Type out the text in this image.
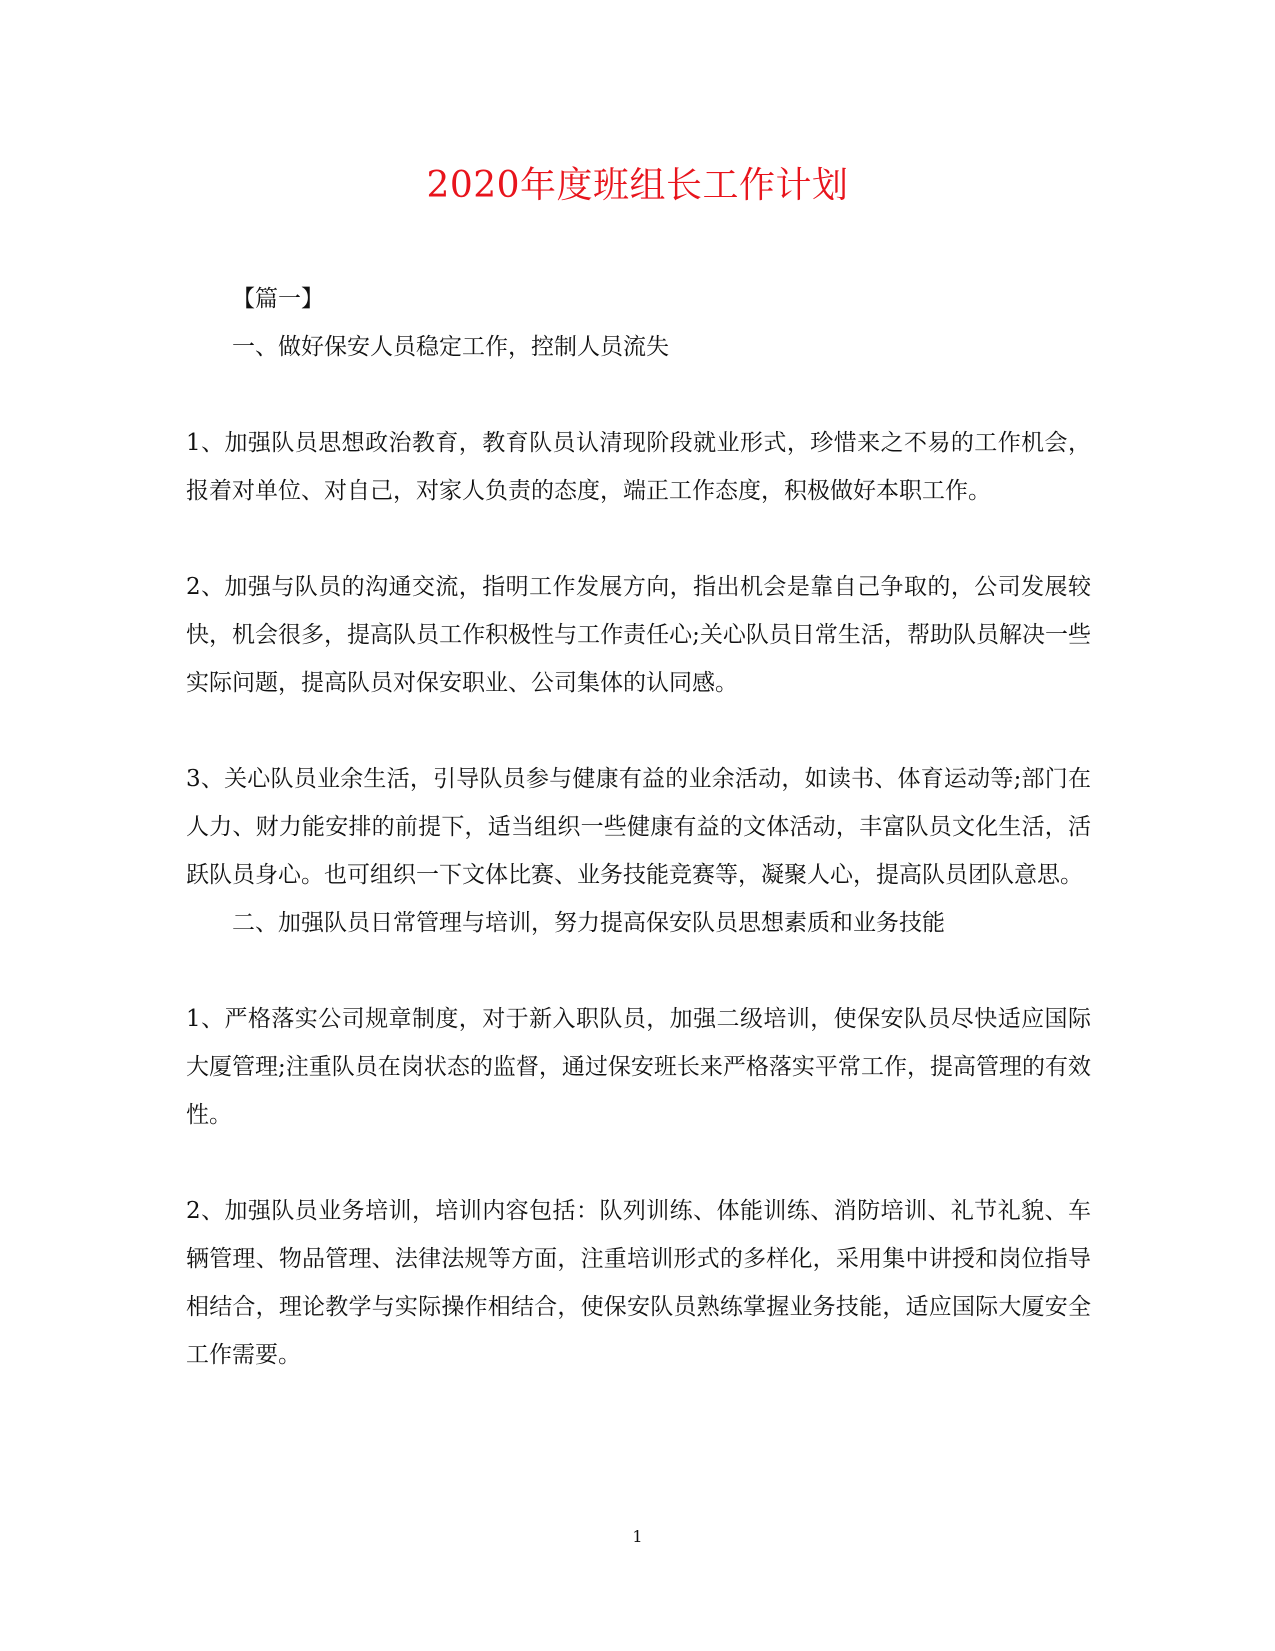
2020年度班组长工作计划

【篇一】

一、做好保安人员稳定工作，控制人员流失

1、加强队员思想政治教育，教育队员认清现阶段就业形式，珍惜来之不易的工作机会，报着对单位、对自己，对家人负责的态度，端正工作态度，积极做好本职工作。

2、加强与队员的沟通交流，指明工作发展方向，指出机会是靠自己争取的，公司发展较快，机会很多，提高队员工作积极性与工作责任心;关心队员日常生活，帮助队员解决一些实际问题，提高队员对保安职业、公司集体的认同感。

3、关心队员业余生活，引导队员参与健康有益的业余活动，如读书、体育运动等;部门在人力、财力能安排的前提下，适当组织一些健康有益的文体活动，丰富队员文化生活，活跃队员身心。也可组织一下文体比赛、业务技能竞赛等，凝聚人心，提高队员团队意思。

二、加强队员日常管理与培训，努力提高保安队员思想素质和业务技能

1、严格落实公司规章制度，对于新入职队员，加强二级培训，使保安队员尽快适应国际大厦管理;注重队员在岗状态的监督，通过保安班长来严格落实平常工作，提高管理的有效性。

2、加强队员业务培训，培训内容包括：队列训练、体能训练、消防培训、礼节礼貌、车辆管理、物品管理、法律法规等方面，注重培训形式的多样化，采用集中讲授和岗位指导相结合，理论教学与实际操作相结合，使保安队员熟练掌握业务技能，适应国际大厦安全工作需要。

1
